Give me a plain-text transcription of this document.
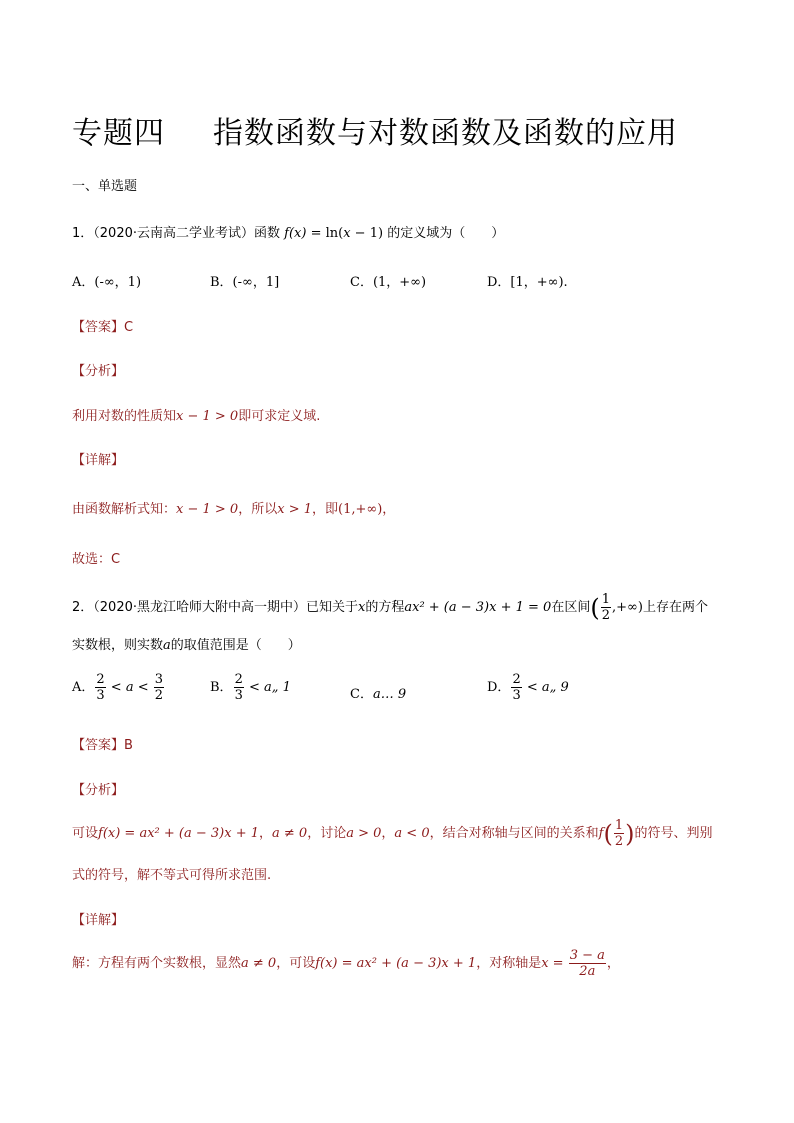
专题四 指数函数与对数函数及函数的应用
一、单选题
1．（2020·云南高二学业考试）函数 f(x) = ln(x − 1) 的定义域为（　　）
A．(-∞，1)	B．(-∞，1]	C．(1，+∞)	D．[1，+∞).
【答案】C
【分析】
利用对数的性质知x − 1 > 0即可求定义域.
【详解】
由函数解析式知：x − 1 > 0，所以x > 1，即(1,+∞)，
故选：C
2．（2020·黑龙江哈师大附中高一期中）已知关于x的方程ax² + (a − 3)x + 1 = 0在区间( $\frac{1}{2}$ ,+∞)上存在两个
实数根，则实数a的取值范围是（　　）
A． $\frac{2}{3} < a < \frac{3}{2}$	B． $\frac{2}{3}$ < a„ 1	C．a… 9	D． $\frac{2}{3}$ < a„ 9
【答案】B
【分析】
可设f(x) = ax² + (a − 3)x + 1，a ≠ 0，讨论a > 0，a < 0，结合对称轴与区间的关系和$f( \frac{1}{2}$ )的符号、判别
式的符号，解不等式可得所求范围.
【详解】
解：方程有两个实数根，显然a ≠ 0，可设f(x) = ax² + (a − 3)x + 1，对称轴是$x = \frac{3 - a}{2a}$ ，
